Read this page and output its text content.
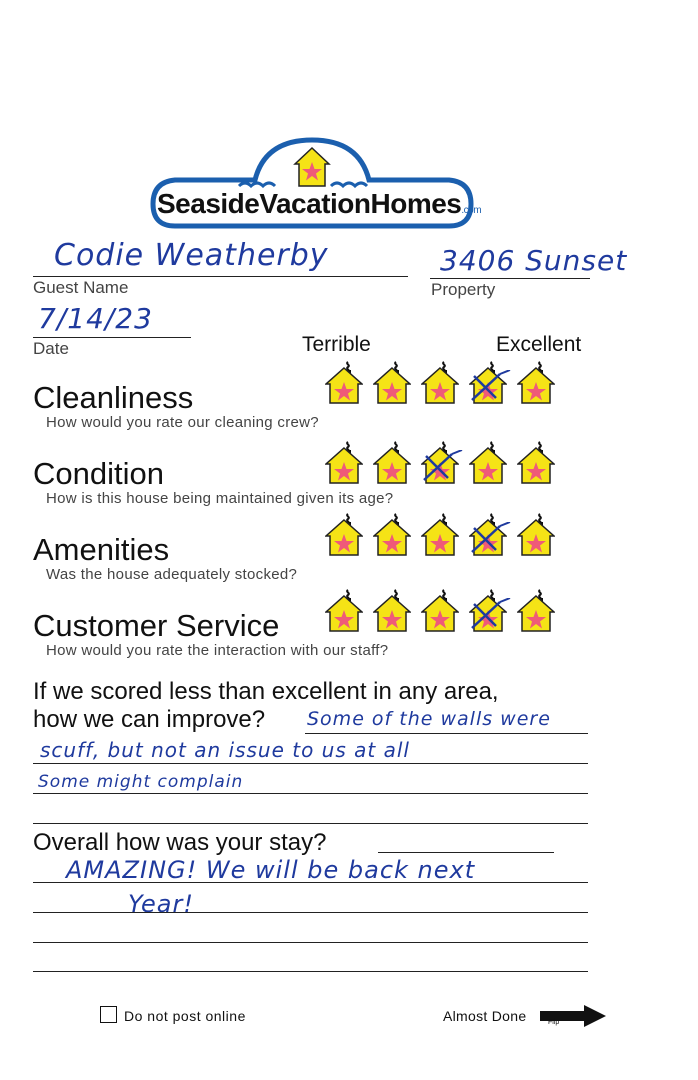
SeasideVacationHomes.com
Codie Weatherby
Guest Name
3406 Sunset
Property
7/14/23
Date	Terrible	Excellent
Cleanliness
How would you rate our cleaning crew?
Condition
How is this house being maintained given its age?
Amenities
Was the house adequately stocked?
Customer Service
How would you rate the interaction with our staff?
If we scored less than excellent in any area,
how we can improve? Some of the walls were
scuff, but not an issue to us at all
Some might complain
Overall how was your stay?
AMAZING! We will be back next
Year!
Do not post online	Almost Done	Flip
